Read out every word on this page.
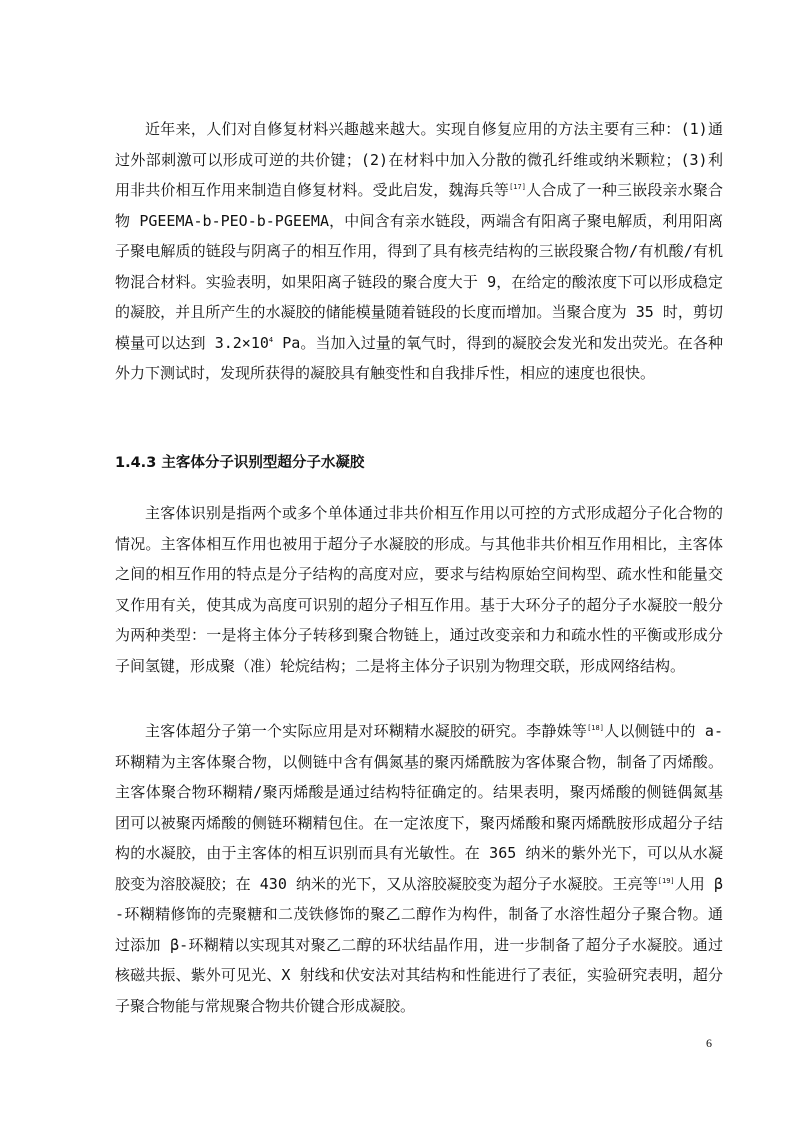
近年来，人们对自修复材料兴趣越来越大。实现自修复应用的方法主要有三种：(1)通过外部刺激可以形成可逆的共价键；(2)在材料中加入分散的微孔纤维或纳米颗粒；(3)利用非共价相互作用来制造自修复材料。受此启发，魏海兵等[17]人合成了一种三嵌段亲水聚合物 PGEEMA-b-PEO-b-PGEEMA，中间含有亲水链段，两端含有阳离子聚电解质，利用阳离子聚电解质的链段与阴离子的相互作用，得到了具有核壳结构的三嵌段聚合物/有机酸/有机物混合材料。实验表明，如果阳离子链段的聚合度大于 9，在给定的酸浓度下可以形成稳定的凝胶，并且所产生的水凝胶的储能模量随着链段的长度而增加。当聚合度为 35 时，剪切模量可以达到 $3.2\times 10^4$ Pa。当加入过量的氧气时，得到的凝胶会发光和发出荧光。在各种外力下测试时，发现所获得的凝胶具有触变性和自我排斥性，相应的速度也很快。

1.4.3 主客体分子识别型超分子水凝胶

主客体识别是指两个或多个单体通过非共价相互作用以可控的方式形成超分子化合物的情况。主客体相互作用也被用于超分子水凝胶的形成。与其他非共价相互作用相比，主客体之间的相互作用的特点是分子结构的高度对应，要求与结构原始空间构型、疏水性和能量交叉作用有关，使其成为高度可识别的超分子相互作用。基于大环分子的超分子水凝胶一般分为两种类型：一是将主体分子转移到聚合物链上，通过改变亲和力和疏水性的平衡或形成分子间氢键，形成聚（准）轮烷结构；二是将主体分子识别为物理交联，形成网络结构。

主客体超分子第一个实际应用是对环糊精水凝胶的研究。李静姝等[18]人以侧链中的 a-环糊精为主客体聚合物，以侧链中含有偶氮基的聚丙烯酰胺为客体聚合物，制备了丙烯酸。主客体聚合物环糊精/聚丙烯酸是通过结构特征确定的。结果表明，聚丙烯酸的侧链偶氮基团可以被聚丙烯酸的侧链环糊精包住。在一定浓度下，聚丙烯酸和聚丙烯酰胺形成超分子结构的水凝胶，由于主客体的相互识别而具有光敏性。在 365 纳米的紫外光下，可以从水凝胶变为溶胶凝胶；在 430 纳米的光下，又从溶胶凝胶变为超分子水凝胶。王亮等[19]人用 β-环糊精修饰的壳聚糖和二茂铁修饰的聚乙二醇作为构件，制备了水溶性超分子聚合物。通过添加 β-环糊精以实现其对聚乙二醇的环状结晶作用，进一步制备了超分子水凝胶。通过核磁共振、紫外可见光、X 射线和伏安法对其结构和性能进行了表征，实验研究表明，超分子聚合物能与常规聚合物共价键合形成凝胶。

6
